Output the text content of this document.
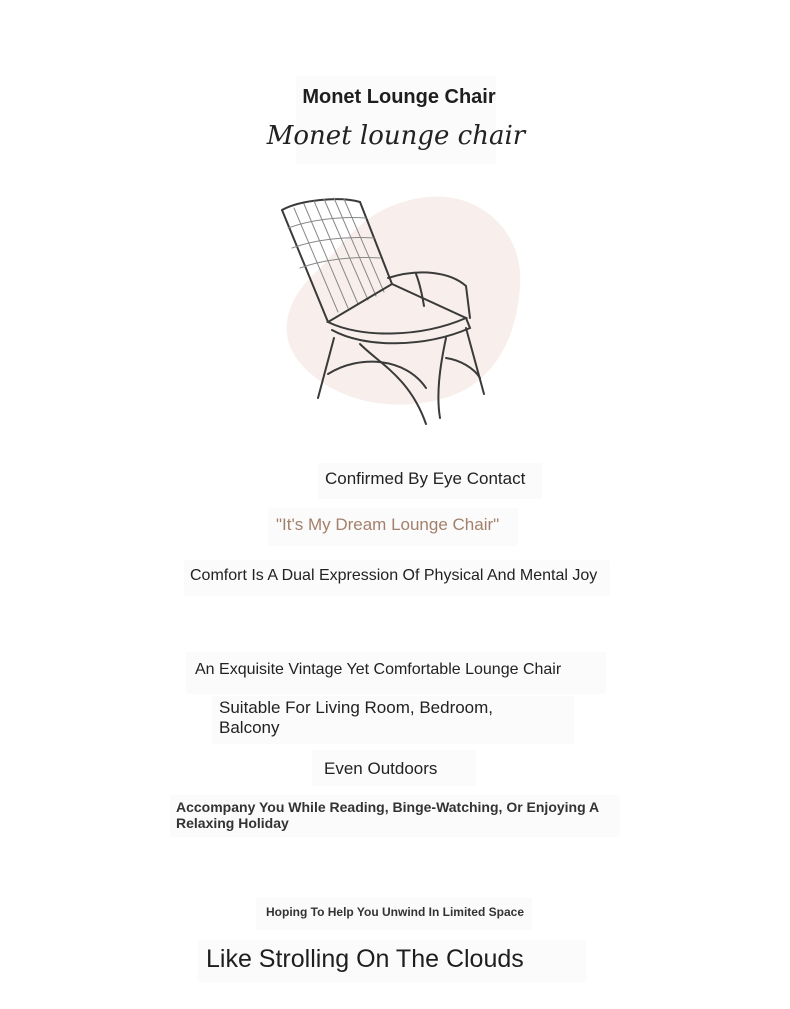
Monet Lounge Chair
Monet lounge chair

Confirmed By Eye Contact

"It's My Dream Lounge Chair"

Comfort Is A Dual Expression Of Physical And Mental Joy

An Exquisite Vintage Yet Comfortable Lounge Chair

Suitable For Living Room, Bedroom, Balcony

Even Outdoors

Accompany You While Reading, Binge-Watching, Or Enjoying A Relaxing Holiday

Hoping To Help You Unwind In Limited Space

Like Strolling On The Clouds
